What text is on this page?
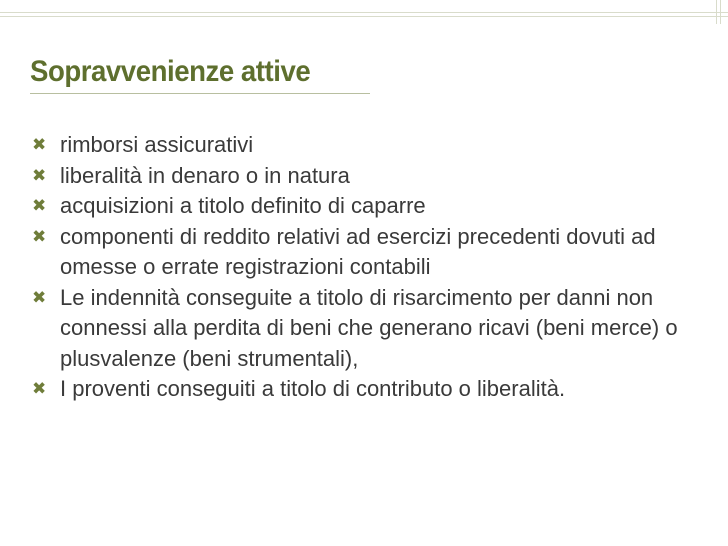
Sopravvenienze attive
✖ rimborsi assicurativi
✖ liberalità in denaro o in natura
✖ acquisizioni a titolo definito di caparre
✖ componenti di reddito relativi ad esercizi precedenti dovuti ad omesse o errate registrazioni contabili
✖ Le indennità conseguite a titolo di risarcimento per danni non connessi alla perdita di beni che generano ricavi (beni merce) o plusvalenze (beni strumentali),
✖ I proventi conseguiti a titolo di contributo o liberalità.
